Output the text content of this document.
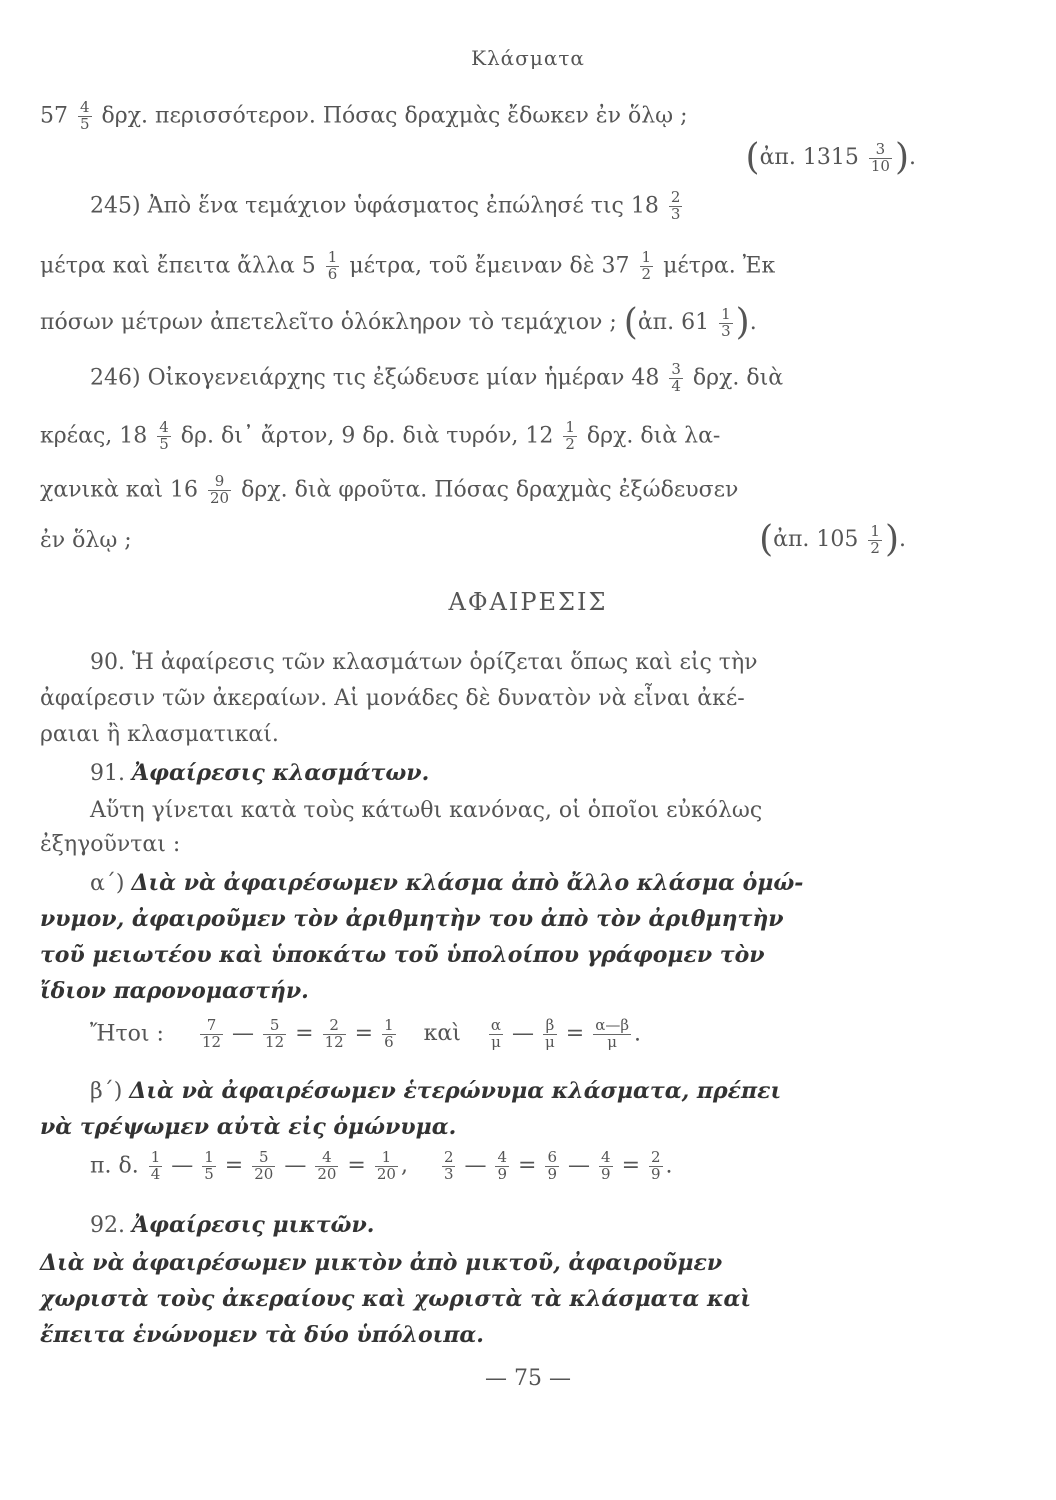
Κλάσματα
$57 \frac{4}{5} \delta\rho\chi$. περισσότερον. Πόσας δραχμὰς ἔδωκεν ἐν ὅλῳ ;
(ἀπ. $1315 \frac{3}{10}$ ).
245) Ἀπὸ ἕνα τεμάχιον ὑφάσματος ἐπώλησέ τις $18 \frac{2}{3}$
μέτρα καὶ ἔπειτα ἄλλα $5 \frac{1}{6} \mu έ\tau\rho\alpha$, τοῦ ἔμειναν δὲ $37 \frac{1}{2} \mu έ\tau\rho\alpha$. Ἐκ
πόσων μέτρων ἀπετελεῖτο ὁλόκληρον τὸ τεμάχιον ; (ἀπ. $61 \frac{1}{3}$ ).
246) Οἰκογενειάρχης τις ἐξώδευσε μίαν ἡμέραν $48 \frac{3}{4} \delta\rho\chi$. διὰ
κρέας, $18 \frac{4}{5} \delta\rho$. δι᾽ ἄρτον, 9 δρ. διὰ τυρόν, $12 \frac{1}{2} \delta\rho\chi$. διὰ λα-
χανικὰ καὶ $16 \frac{9}{20} \delta\rho\chi$. διὰ φροῦτα. Πόσας δραχμὰς ἐξώδευσεν
ἐν ὅλῳ ;	(ἀπ. $105 \frac{1}{2}$ ).
ΑΦΑΙΡΕΣΙΣ
90. Ἡ ἀφαίρεσις τῶν κλασμάτων ὁρίζεται ὅπως καὶ εἰς τὴν
ἀφαίρεσιν τῶν ἀκεραίων. Αἱ μονάδες δὲ δυνατὸν νὰ εἶναι ἀκέ-
ραιαι ἢ κλασματικαί.
91. Ἀφαίρεσις κλασμάτων.
Αὕτη γίνεται κατὰ τοὺς κάτωθι κανόνας, οἱ ὁποῖοι εὐκόλως
ἐξηγοῦνται :
α΄) Διὰ νὰ ἀφαιρέσωμεν κλάσμα ἀπὸ ἄλλο κλάσμα ὁμώ-
νυμον, ἀφαιροῦμεν τὸν ἀριθμητὴν του ἀπὸ τὸν ἀριθμητὴν
τοῦ μειωτέου καὶ ὑποκάτω τοῦ ὑπολοίπου γράφομεν τὸν
ἴδιον παρονομαστήν.
Ἤτοι : $\frac{7}{12}$ — $\frac{5}{12} = \frac{2}{12} = \frac{1}{6}$ καὶ $\frac{\alpha}{\mu}$ — $\frac{\beta}{\mu} = \frac{\alpha—\beta}{\mu}$ .
β΄) Διὰ νὰ ἀφαιρέσωμεν ἑτερώνυμα κλάσματα, πρέπει
νὰ τρέψωμεν αὐτὰ εἰς ὁμώνυμα.
π. δ. $\frac{1}{4}$ — $\frac{1}{5} = \frac{5}{20}$ — $\frac{4}{20} = \frac{1}{20}$ , $\frac{2}{3}$ — $\frac{4}{9} = \frac{6}{9}$ — $\frac{4}{9} = \frac{2}{9}$ .
92. Ἀφαίρεσις μικτῶν.
Διὰ νὰ ἀφαιρέσωμεν μικτὸν ἀπὸ μικτοῦ, ἀφαιροῦμεν
χωριστὰ τοὺς ἀκεραίους καὶ χωριστὰ τὰ κλάσματα καὶ
ἔπειτα ἑνώνομεν τὰ δύο ὑπόλοιπα.
— 75 —
